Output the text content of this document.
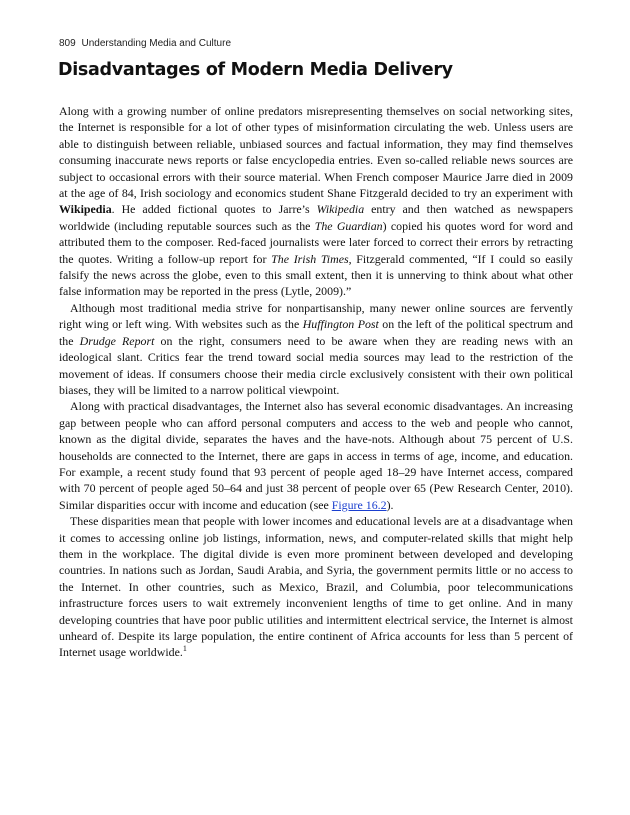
809 Understanding Media and Culture
Disadvantages of Modern Media Delivery

Along with a growing number of online predators misrepresenting themselves on social networking sites, the Internet is responsible for a lot of other types of misinformation circulating the web. Unless users are able to distinguish between reliable, unbiased sources and factual information, they may find themselves consuming inaccurate news reports or false encyclopedia entries. Even so-called reliable news sources are subject to occasional errors with their source material. When French composer Maurice Jarre died in 2009 at the age of 84, Irish sociology and economics student Shane Fitzgerald decided to try an experiment with Wikipedia. He added fictional quotes to Jarre’s Wikipedia entry and then watched as newspapers worldwide (including reputable sources such as the The Guardian) copied his quotes word for word and attributed them to the composer. Red-faced journalists were later forced to correct their errors by retracting the quotes. Writing a follow-up report for The Irish Times, Fitzgerald commented, “If I could so easily falsify the news across the globe, even to this small extent, then it is unnerving to think about what other false information may be reported in the press (Lytle, 2009).”

Although most traditional media strive for nonpartisanship, many newer online sources are fervently right wing or left wing. With websites such as the Huffington Post on the left of the political spectrum and the Drudge Report on the right, consumers need to be aware when they are reading news with an ideological slant. Critics fear the trend toward social media sources may lead to the restriction of the movement of ideas. If consumers choose their media circle exclusively consistent with their own political biases, they will be limited to a narrow political viewpoint.

Along with practical disadvantages, the Internet also has several economic disadvantages. An increasing gap between people who can afford personal computers and access to the web and people who cannot, known as the digital divide, separates the haves and the have-nots. Although about 75 percent of U.S. households are connected to the Internet, there are gaps in access in terms of age, income, and education. For example, a recent study found that 93 percent of people aged 18–29 have Internet access, compared with 70 percent of people aged 50–64 and just 38 percent of people over 65 (Pew Research Center, 2010). Similar disparities occur with income and education (see Figure 16.2).

These disparities mean that people with lower incomes and educational levels are at a disadvantage when it comes to accessing online job listings, information, news, and computer-related skills that might help them in the workplace. The digital divide is even more prominent between developed and developing countries. In nations such as Jordan, Saudi Arabia, and Syria, the government permits little or no access to the Internet. In other countries, such as Mexico, Brazil, and Columbia, poor telecommunications infrastructure forces users to wait extremely inconvenient lengths of time to get online. And in many developing countries that have poor public utilities and intermittent electrical service, the Internet is almost unheard of. Despite its large population, the entire continent of Africa accounts for less than 5 percent of Internet usage worldwide.$^1$
